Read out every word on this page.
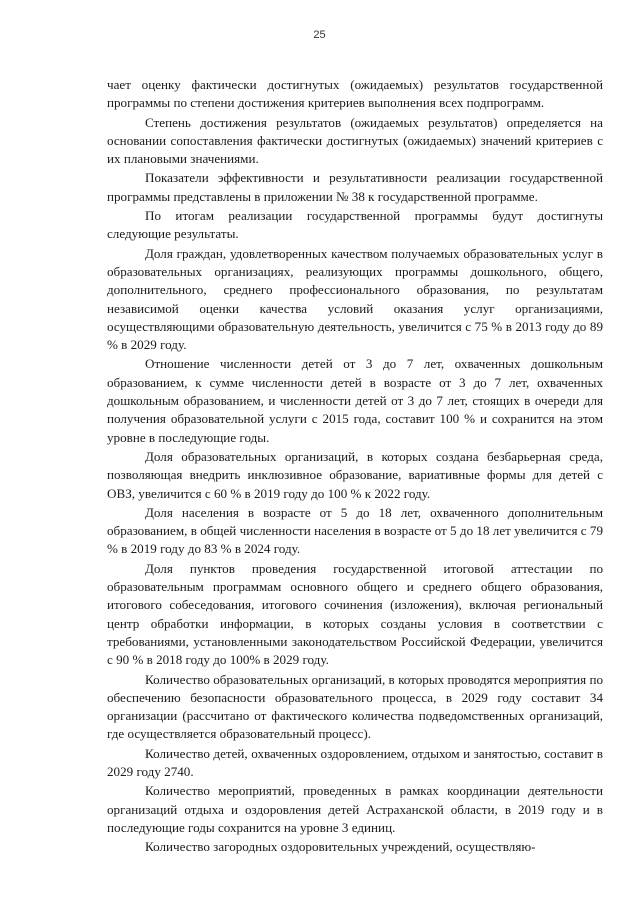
25

чает оценку фактически достигнутых (ожидаемых) результатов государственной программы по степени достижения критериев выполнения всех подпрограмм.

Степень достижения результатов (ожидаемых результатов) определяется на основании сопоставления фактически достигнутых (ожидаемых) значений критериев с их плановыми значениями.

Показатели эффективности и результативности реализации государственной программы представлены в приложении № 38 к государственной программе.

По итогам реализации государственной программы будут достигнуты следующие результаты.

Доля граждан, удовлетворенных качеством получаемых образовательных услуг в образовательных организациях, реализующих программы дошкольного, общего, дополнительного, среднего профессионального образования, по результатам независимой оценки качества условий оказания услуг организациями, осуществляющими образовательную деятельность, увеличится с 75 % в 2013 году до 89 % в 2029 году.

Отношение численности детей от 3 до 7 лет, охваченных дошкольным образованием, к сумме численности детей в возрасте от 3 до 7 лет, охваченных дошкольным образованием, и численности детей от 3 до 7 лет, стоящих в очереди для получения образовательной услуги с 2015 года, составит 100 % и сохранится на этом уровне в последующие годы.

Доля образовательных организаций, в которых создана безбарьерная среда, позволяющая внедрить инклюзивное образование, вариативные формы для детей с ОВЗ, увеличится с 60 % в 2019 году до 100 % к 2022 году.

Доля населения в возрасте от 5 до 18 лет, охваченного дополнительным образованием, в общей численности населения в возрасте от 5 до 18 лет увеличится с 79 % в 2019 году до 83 % в 2024 году.

Доля пунктов проведения государственной итоговой аттестации по образовательным программам основного общего и среднего общего образования, итогового собеседования, итогового сочинения (изложения), включая региональный центр обработки информации, в которых созданы условия в соответствии с требованиями, установленными законодательством Российской Федерации, увеличится с 90 % в 2018 году до 100% в 2029 году.

Количество образовательных организаций, в которых проводятся мероприятия по обеспечению безопасности образовательного процесса, в 2029 году составит 34 организации (рассчитано от фактического количества подведомственных организаций, где осуществляется образовательный процесс).

Количество детей, охваченных оздоровлением, отдыхом и занятостью, составит в 2029 году 2740.

Количество мероприятий, проведенных в рамках координации деятельности организаций отдыха и оздоровления детей Астраханской области, в 2019 году и в последующие годы сохранится на уровне 3 единиц.

Количество загородных оздоровительных учреждений, осуществляю-
